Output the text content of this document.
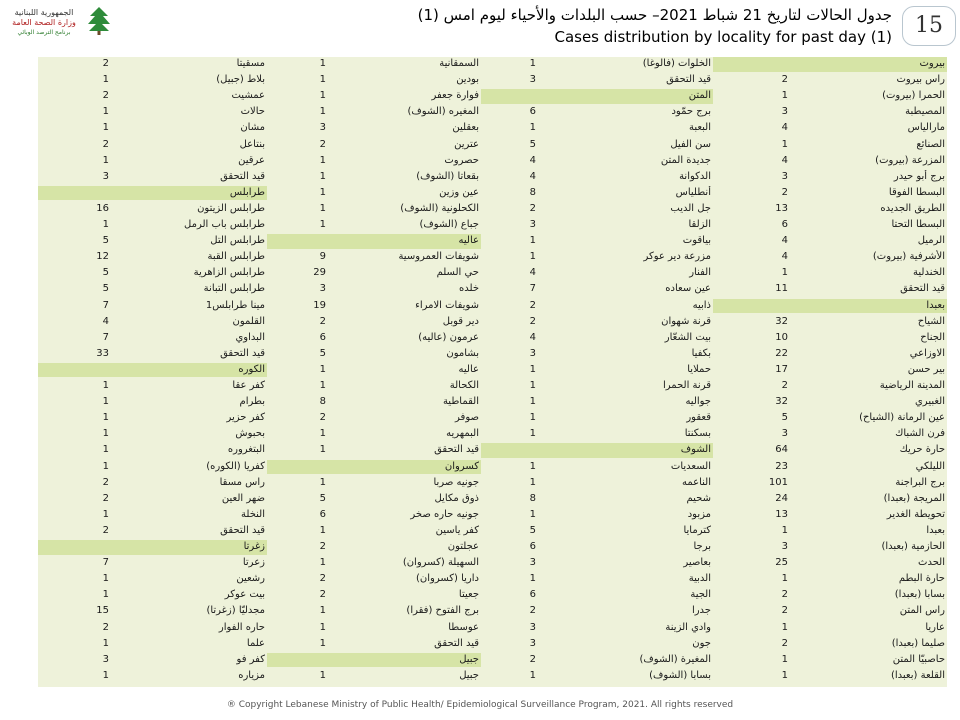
الجمهورية اللبنانية
وزارة الصحة العامة
برنامج الترصد الوبائي
جدول الحالات لتاريخ 21 شباط 2021– حسب البلدات والأحياء ليوم امس (1)
Cases distribution by locality for past day (1)	15
بيروت
الخلوات (فالوغا)
1
السمقانية
1
مسقيتا
2
راس بيروت
2
قيد التحقق
3
بودين
1
بلاط (جبيل)
1
الحمرا (بيروت)
1
المتن
فوارة جعفر
1
عمشيت
2
المصيطبة
3
برج حمّود
6
المغيره (الشوف)
1
حالات
1
مارالياس
4
البعبة
1
بعقلين
3
مشان
1
الصنائع
1
سن الفيل
5
عترين
2
بنتاعل
2
المزرعة (بيروت)
4
جديدة المتن
4
حصروت
1
عرقين
1
برج أبو حيدر
3
الدكوانة
4
بقعاتا (الشوف)
1
قيد التحقق
3
البسطا الفوقا
2
أنطلياس
8
عين وزين
1
طرابلس
الطريق الجديده
13
جل الديب
2
الكحلونية (الشوف)
1
طرابلس الزيتون
16
البسطا التحتا
6
الزلقا
3
جباع (الشوف)
1
طرابلس باب الرمل
1
الرميل
4
بياقوت
1
عاليه
طرابلس التل
5
الأشرفية (بيروت)
4
مزرعة دير عوكر
1
شويفات العمروسية
9
طرابلس القبة
12
الخندلية
1
الفنار
4
حي السلم
29
طرابلس الزاهرية
5
قيد التحقق
11
عين سعاده
7
خلده
3
طرابلس التبانة
5
بعبدا
ذابيه
2
شويفات الامراء
19
مينا طرابلس1
7
الشياح
32
قرنة شهوان
2
دير قوبل
2
القلمون
4
الجناح
10
بيت الشعّار
4
عرمون (عاليه)
6
البداوي
7
الاوزاعي
22
بكفيا
3
بشامون
5
قيد التحقق
33
بير حسن
17
حملايا
1
عاليه
1
الكوره
المدينة الرياضية
2
قرنة الحمرا
1
الكحالة
1
كفر عقا
1
الغبيري
32
جواليه
1
القماطية
8
بطرام
1
عين الرمانة (الشياح)
5
قعقور
1
صوفر
2
كفر حزير
1
فرن الشباك
3
بسكنتا
1
البمهريه
1
بحبوش
1
حارة حريك
64
الشوف
قيد التحقق
1
البتغروره
1
الليلكي
23
السعديات
1
كسروان
كفريا (الكوره)
1
برج البراجنة
101
الناعمه
1
جونيه صربا
1
راس مسقا
2
المريجة (بعبدا)
24
شحيم
8
ذوق مكايل
5
ضهر العين
2
تحويطة الغدير
13
مزبود
1
جونيه حاره صخر
6
النخلة
1
بعبدا
1
كترمايا
5
كفر ياسين
1
قيد التحقق
2
الحازمية (بعبدا)
3
برجا
6
عجلتون
2
زغرتا
الحدث
25
بعاصير
3
السهيلة (كسروان)
1
زعرتا
7
حارة البطم
1
الدبية
1
داريا (كسروان)
2
رشعين
1
بسابا (بعبدا)
2
الجية
6
جعيتا
2
بيت عوكر
1
راس المتن
2
جدرا
2
برج الفتوح (فقرا)
1
مجدليّا (زغرتا)
15
عاريا
1
وادي الزينة
3
عوسطا
1
حاره الفوار
2
صليما (بعبدا)
2
جون
3
قيد التحقق
1
علما
1
حاصبيّا المتن
1
المغيرة (الشوف)
2
جبيل
كفر فو
3
القلعة (بعبدا)
1
بسابا (الشوف)
1
جبيل
1
مزياره
1
® Copyright Lebanese Ministry of Public Health/ Epidemiological Surveillance Program, 2021. All rights reserved
